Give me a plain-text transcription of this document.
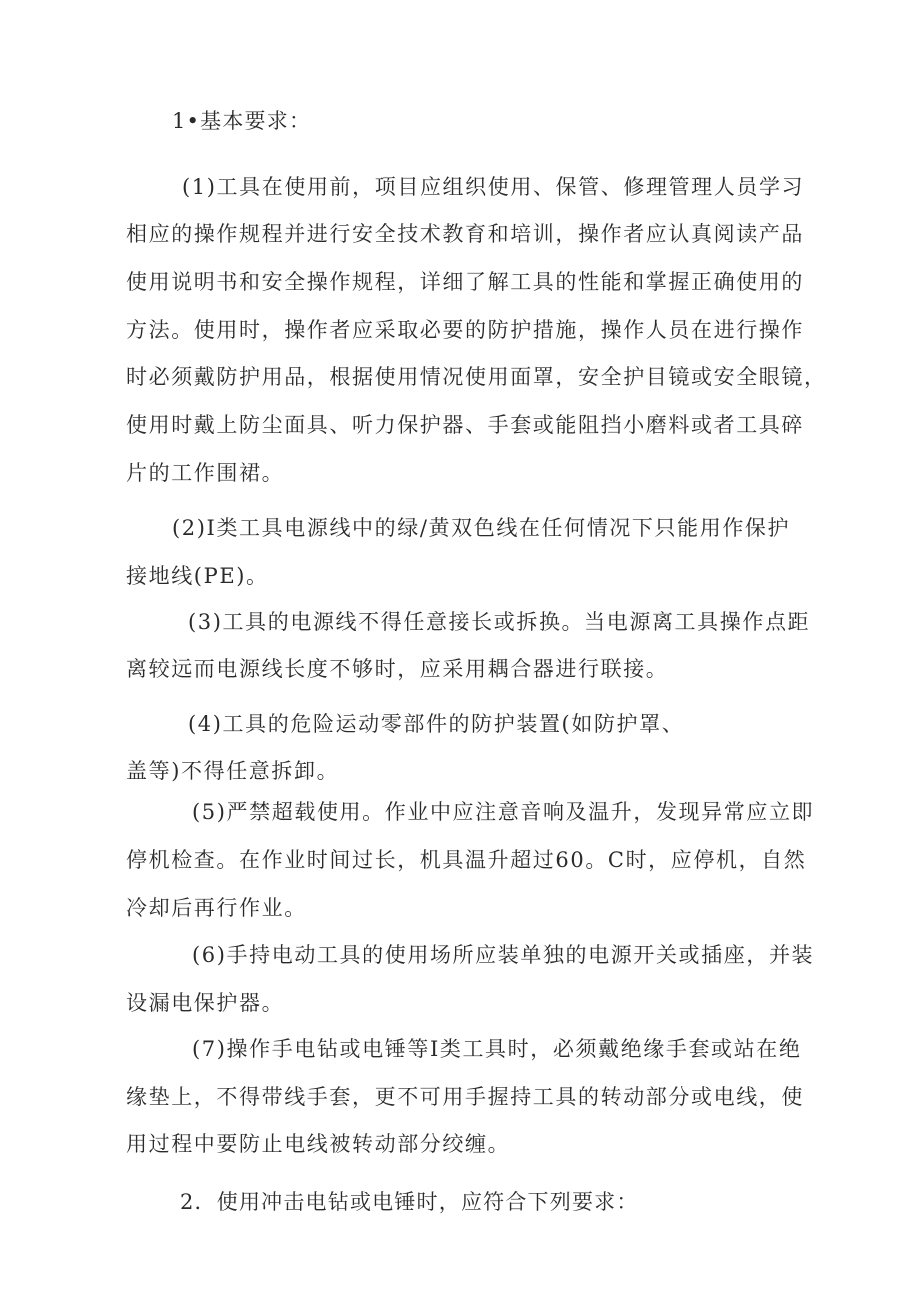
1•基本要求：
(1)工具在使用前，项目应组织使用、保管、修理管理人员学习
相应的操作规程并进行安全技术教育和培训，操作者应认真阅读产品
使用说明书和安全操作规程，详细了解工具的性能和掌握正确使用的
方法。使用时，操作者应采取必要的防护措施，操作人员在进行操作
时必须戴防护用品，根据使用情况使用面罩，安全护目镜或安全眼镜，
使用时戴上防尘面具、听力保护器、手套或能阻挡小磨料或者工具碎
片的工作围裙。
(2)I类工具电源线中的绿/黄双色线在任何情况下只能用作保护
接地线(PE)。
(3)工具的电源线不得任意接长或拆换。当电源离工具操作点距
离较远而电源线长度不够时，应采用耦合器进行联接。
(4)工具的危险运动零部件的防护装置(如防护罩、
盖等)不得任意拆卸。
(5)严禁超载使用。作业中应注意音响及温升，发现异常应立即
停机检查。在作业时间过长，机具温升超过60。C时，应停机，自然
冷却后再行作业。
(6)手持电动工具的使用场所应装单独的电源开关或插座，并装
设漏电保护器。
(7)操作手电钻或电锤等I类工具时，必须戴绝缘手套或站在绝
缘垫上，不得带线手套，更不可用手握持工具的转动部分或电线，使
用过程中要防止电线被转动部分绞缠。
2．使用冲击电钻或电锤时，应符合下列要求：
